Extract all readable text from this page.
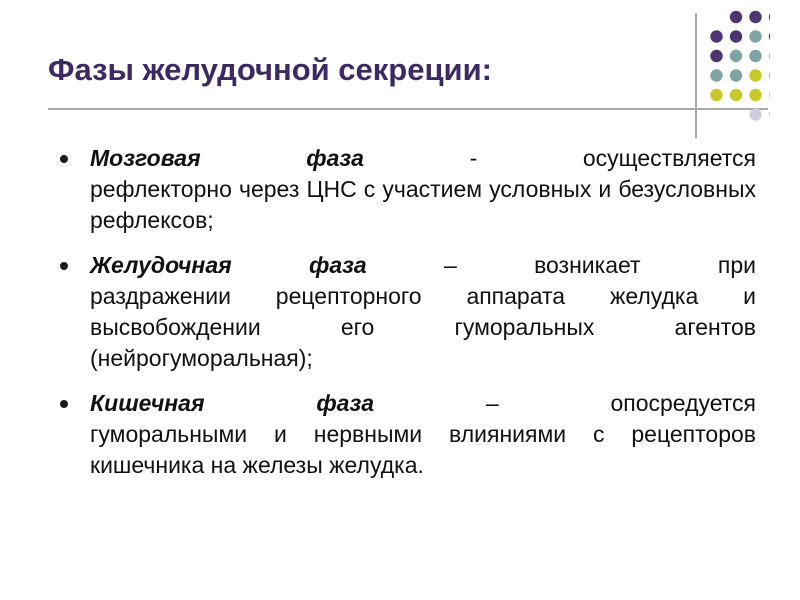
Фазы желудочной секреции:
Мозговая	фаза	-	осуществляется
рефлекторно через ЦНС с участием условных и безусловных рефлексов;
Желудочная	фаза	–	возникает	при
раздражении рецепторного аппарата желудка и высвобождении его гуморальных агентов (нейрогуморальная);
Кишечная	фаза	–	опосредуется
гуморальными и нервными влияниями с рецепторов кишечника на железы желудка.
